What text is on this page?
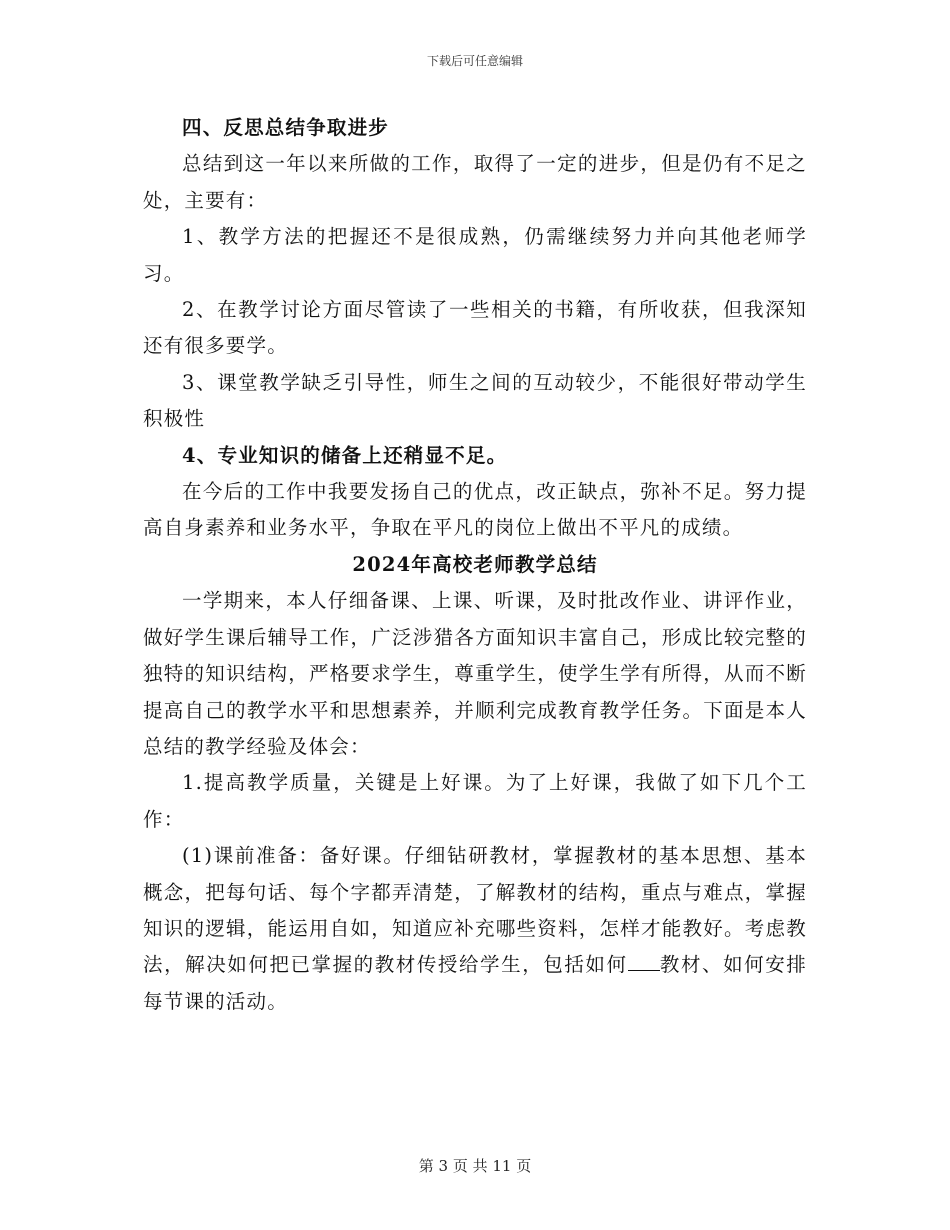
下载后可任意编辑

四、反思总结争取进步

总结到这一年以来所做的工作，取得了一定的进步，但是仍有不足之处，主要有：

1、教学方法的把握还不是很成熟，仍需继续努力并向其他老师学习。

2、在教学讨论方面尽管读了一些相关的书籍，有所收获，但我深知还有很多要学。

3、课堂教学缺乏引导性，师生之间的互动较少，不能很好带动学生积极性

4、专业知识的储备上还稍显不足。

在今后的工作中我要发扬自己的优点，改正缺点，弥补不足。努力提高自身素养和业务水平，争取在平凡的岗位上做出不平凡的成绩。

2024年高校老师教学总结

一学期来，本人仔细备课、上课、听课，及时批改作业、讲评作业，做好学生课后辅导工作，广泛涉猎各方面知识丰富自己，形成比较完整的独特的知识结构，严格要求学生，尊重学生，使学生学有所得，从而不断提高自己的教学水平和思想素养，并顺利完成教育教学任务。下面是本人总结的教学经验及体会：

1.提高教学质量，关键是上好课。为了上好课，我做了如下几个工作：

(1)课前准备：备好课。仔细钻研教材，掌握教材的基本思想、基本概念，把每句话、每个字都弄清楚，了解教材的结构，重点与难点，掌握知识的逻辑，能运用自如，知道应补充哪些资料，怎样才能教好。考虑教法，解决如何把已掌握的教材传授给学生，包括如何 教材、如何安排每节课的活动。

第 3 页 共 11 页
